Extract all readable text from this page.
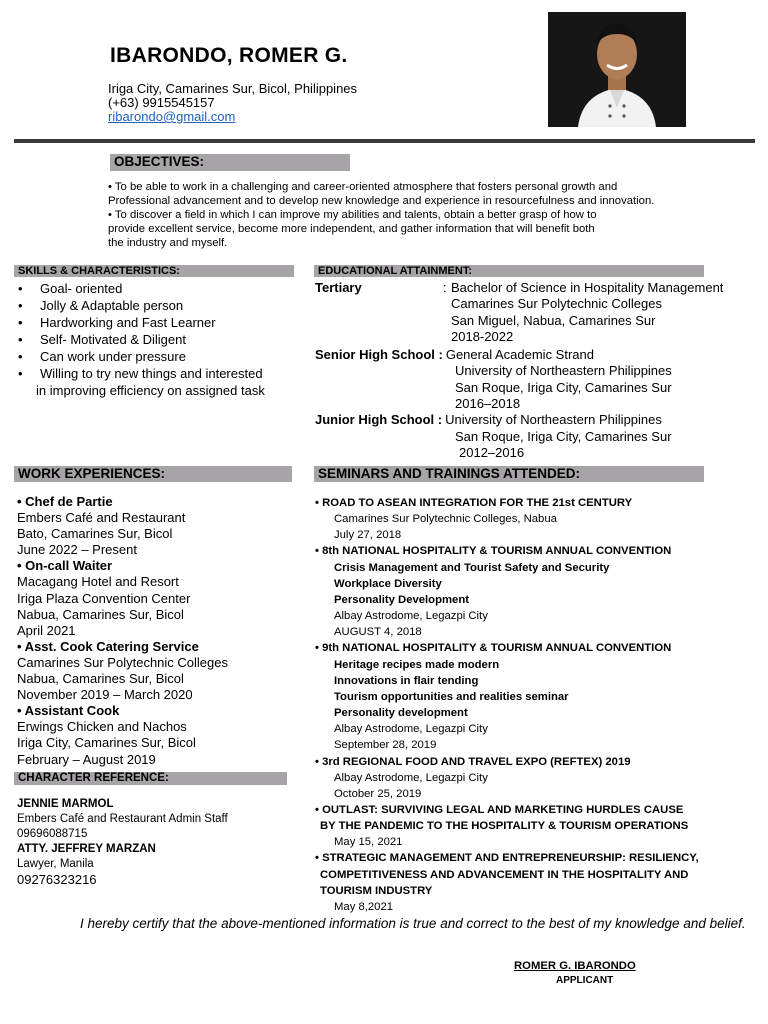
IBARONDO, ROMER G.
Iriga City, Camarines Sur, Bicol, Philippines
(+63) 9915545157
ribarondo@gmail.com
OBJECTIVES:
• To be able to work in a challenging and career-oriented atmosphere that fosters personal growth and
Professional advancement and to develop new knowledge and experience in resourcefulness and innovation.
• To discover a field in which I can improve my abilities and talents, obtain a better grasp of how to
provide excellent service, become more independent, and gather information that will benefit both
the industry and myself.
SKILLS & CHARACTERISTICS:
• Goal- oriented
• Jolly & Adaptable person
• Hardworking and Fast Learner
• Self- Motivated & Diligent
• Can work under pressure
• Willing to try new things and interested
in improving efficiency on assigned task
EDUCATIONAL ATTAINMENT:
Tertiary	: Bachelor of Science in Hospitality Management
Camarines Sur Polytechnic Colleges
San Miguel, Nabua, Camarines Sur
2018-2022
Senior High School : General Academic Strand
University of Northeastern Philippines
San Roque, Iriga City, Camarines Sur
2016–2018
Junior High School : University of Northeastern Philippines
San Roque, Iriga City, Camarines Sur
2012–2016
WORK EXPERIENCES:
• Chef de Partie
Embers Café and Restaurant
Bato, Camarines Sur, Bicol
June 2022 – Present
• On-call Waiter
Macagang Hotel and Resort
Iriga Plaza Convention Center
Nabua, Camarines Sur, Bicol
April 2021
• Asst. Cook Catering Service
Camarines Sur Polytechnic Colleges
Nabua, Camarines Sur, Bicol
November 2019 – March 2020
• Assistant Cook
Erwings Chicken and Nachos
Iriga City, Camarines Sur, Bicol
February – August 2019
CHARACTER REFERENCE:
JENNIE MARMOL
Embers Café and Restaurant Admin Staff
09696088715
ATTY. JEFFREY MARZAN
Lawyer, Manila
09276323216
SEMINARS AND TRAININGS ATTENDED:
• ROAD TO ASEAN INTEGRATION FOR THE 21st CENTURY
Camarines Sur Polytechnic Colleges, Nabua
July 27, 2018
• 8th NATIONAL HOSPITALITY & TOURISM ANNUAL CONVENTION
Crisis Management and Tourist Safety and Security
Workplace Diversity
Personality Development
Albay Astrodome, Legazpi City
AUGUST 4, 2018
• 9th NATIONAL HOSPITALITY & TOURISM ANNUAL CONVENTION
Heritage recipes made modern
Innovations in flair tending
Tourism opportunities and realities seminar
Personality development
Albay Astrodome, Legazpi City
September 28, 2019
• 3rd REGIONAL FOOD AND TRAVEL EXPO (REFTEX) 2019
Albay Astrodome, Legazpi City
October 25, 2019
• OUTLAST: SURVIVING LEGAL AND MARKETING HURDLES CAUSE
BY THE PANDEMIC TO THE HOSPITALITY & TOURISM OPERATIONS
May 15, 2021
• STRATEGIC MANAGEMENT AND ENTREPRENEURSHIP: RESILIENCY,
COMPETITIVENESS AND ADVANCEMENT IN THE HOSPITALITY AND
TOURISM INDUSTRY
May 8,2021
I hereby certify that the above-mentioned information is true and correct to the best of my knowledge and belief.
ROMER G. IBARONDO
APPLICANT
